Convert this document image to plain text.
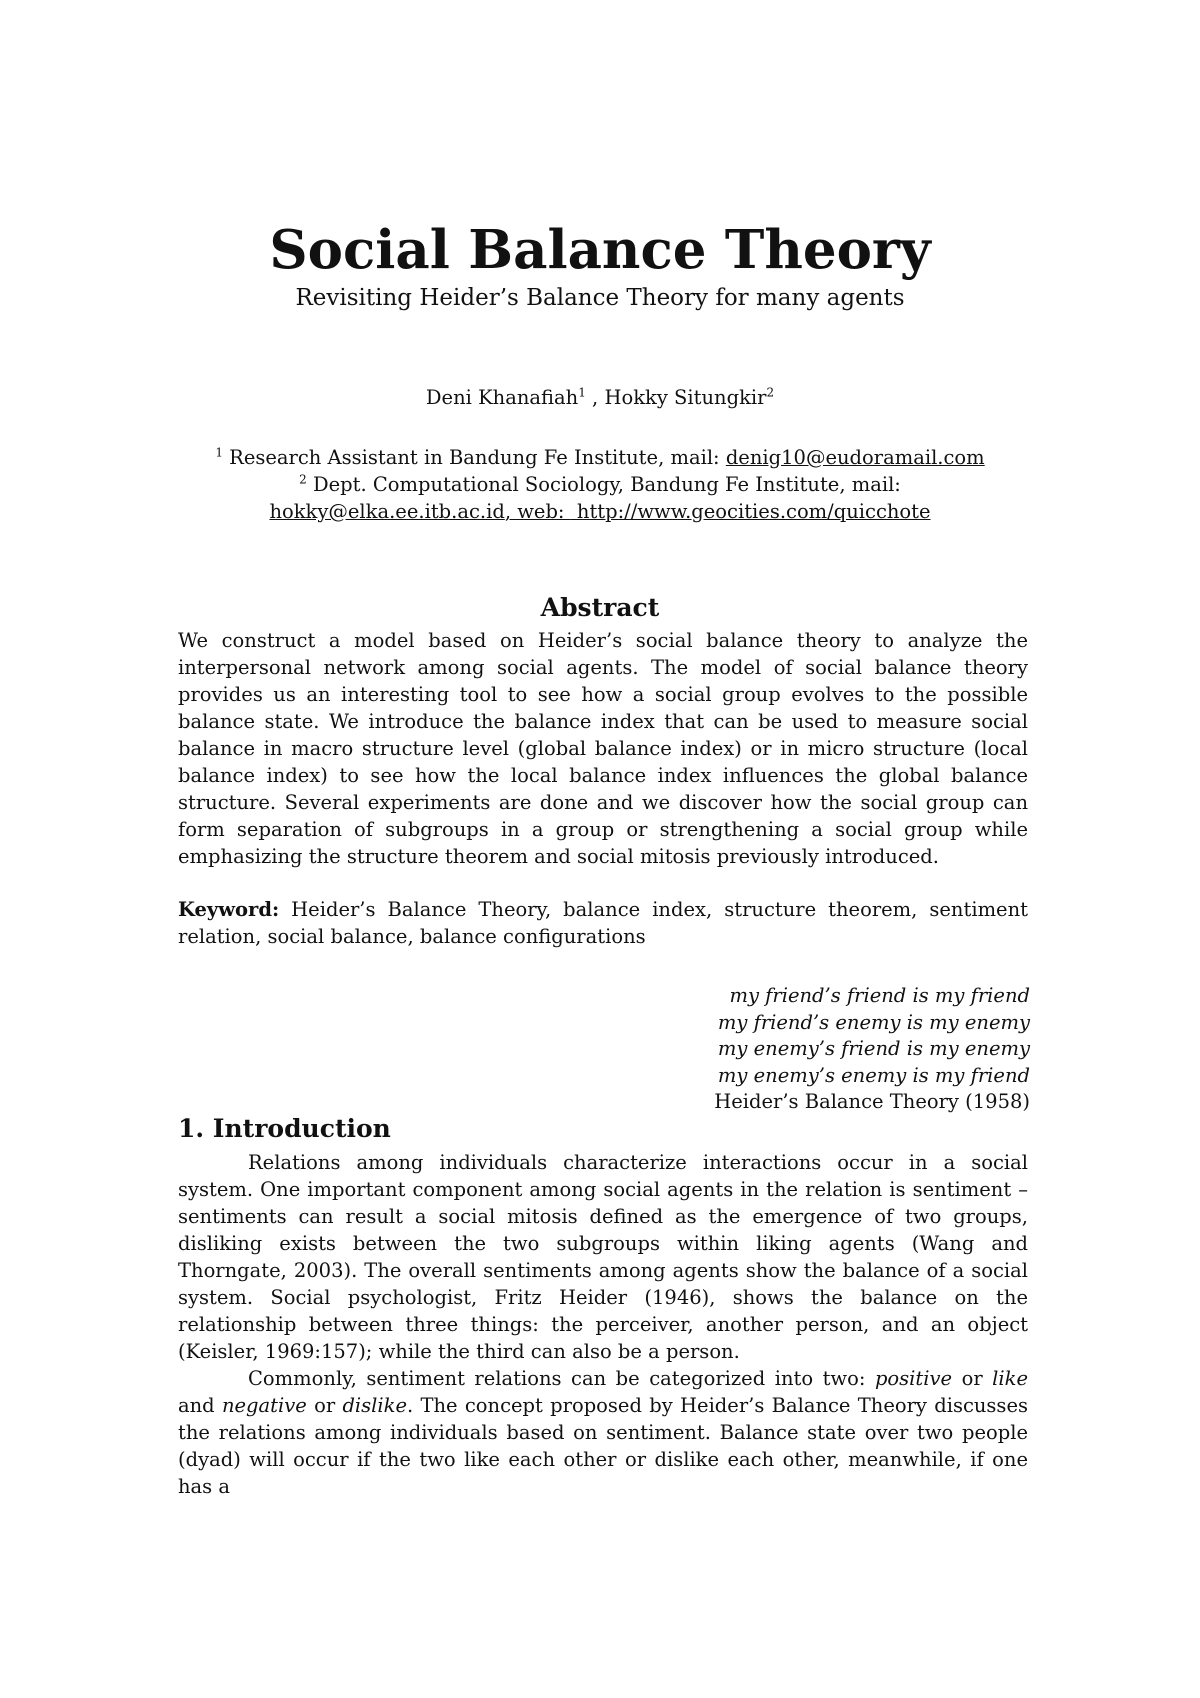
Social Balance Theory
Revisiting Heider’s Balance Theory for many agents
Deni Khanafiah$^1$ , Hokky Situngkir$^2$
$^1$ Research Assistant in Bandung Fe Institute, mail: denig10@eudoramail.com
$^2$ Dept. Computational Sociology, Bandung Fe Institute, mail:
hokky@elka.ee.itb.ac.id, web:  http://www.geocities.com/quicchote
Abstract
We construct a model based on Heider’s social balance theory to analyze the interpersonal network among social agents. The model of social balance theory provides us an interesting tool to see how a social group evolves to the possible balance state. We introduce the balance index that can be used to measure social balance in macro structure level (global balance index) or in micro structure (local balance index) to see how the local balance index influences the global balance structure. Several experiments are done and we discover how the social group can form separation of subgroups in a group or strengthening a social group while emphasizing the structure theorem and social mitosis previously introduced.
Keyword: Heider’s Balance Theory, balance index, structure theorem, sentiment relation, social balance, balance configurations
my friend’s friend is my friend
my friend’s enemy is my enemy
my enemy’s friend is my enemy
my enemy’s enemy is my friend
Heider’s Balance Theory (1958)
1. Introduction

Relations among individuals characterize interactions occur in a social system. One important component among social agents in the relation is sentiment – sentiments can result a social mitosis defined as the emergence of two groups, disliking exists between the two subgroups within liking agents (Wang and Thorngate, 2003). The overall sentiments among agents show the balance of a social system. Social psychologist, Fritz Heider (1946), shows the balance on the relationship between three things: the perceiver, another person, and an object (Keisler, 1969:157); while the third can also be a person.

Commonly, sentiment relations can be categorized into two: positive or like and negative or dislike. The concept proposed by Heider’s Balance Theory discusses the relations among individuals based on sentiment. Balance state over two people (dyad) will occur if the two like each other or dislike each other, meanwhile, if one has a
